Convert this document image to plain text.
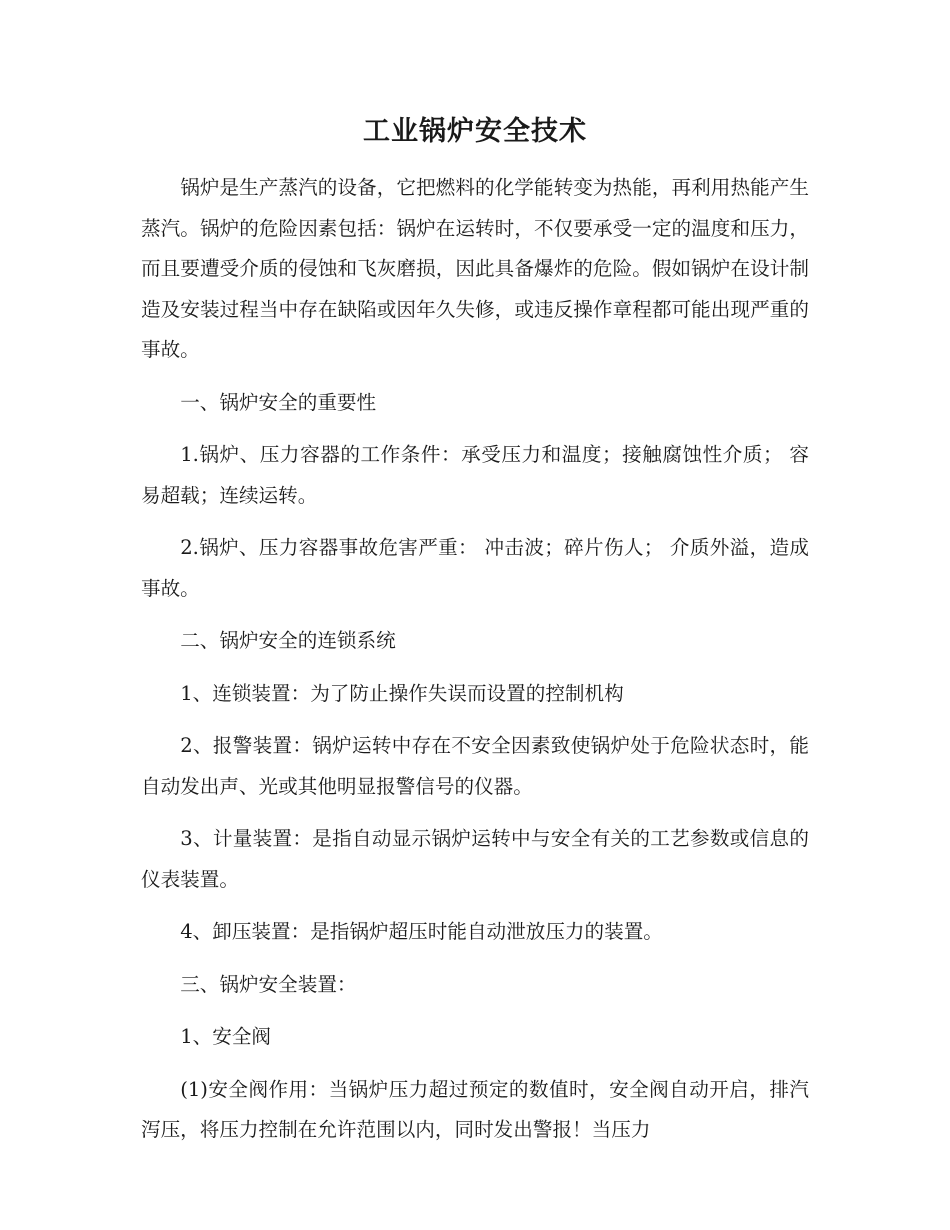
工业锅炉安全技术

锅炉是生产蒸汽的设备，它把燃料的化学能转变为热能，再利用热能产生蒸汽。锅炉的危险因素包括：锅炉在运转时，不仅要承受一定的温度和压力，而且要遭受介质的侵蚀和飞灰磨损，因此具备爆炸的危险。假如锅炉在设计制造及安装过程当中存在缺陷或因年久失修，或违反操作章程都可能出现严重的事故。

一、锅炉安全的重要性

1.锅炉、压力容器的工作条件：承受压力和温度；接触腐蚀性介质； 容易超载；连续运转。

2.锅炉、压力容器事故危害严重： 冲击波；碎片伤人； 介质外溢，造成事故。

二、锅炉安全的连锁系统

1、连锁装置：为了防止操作失误而设置的控制机构

2、报警装置：锅炉运转中存在不安全因素致使锅炉处于危险状态时，能自动发出声、光或其他明显报警信号的仪器。

3、计量装置：是指自动显示锅炉运转中与安全有关的工艺参数或信息的仪表装置。

4、卸压装置：是指锅炉超压时能自动泄放压力的装置。

三、锅炉安全装置：

1、安全阀

(1)安全阀作用：当锅炉压力超过预定的数值时，安全阀自动开启，排汽泻压，将压力控制在允许范围以内，同时发出警报！当压力
